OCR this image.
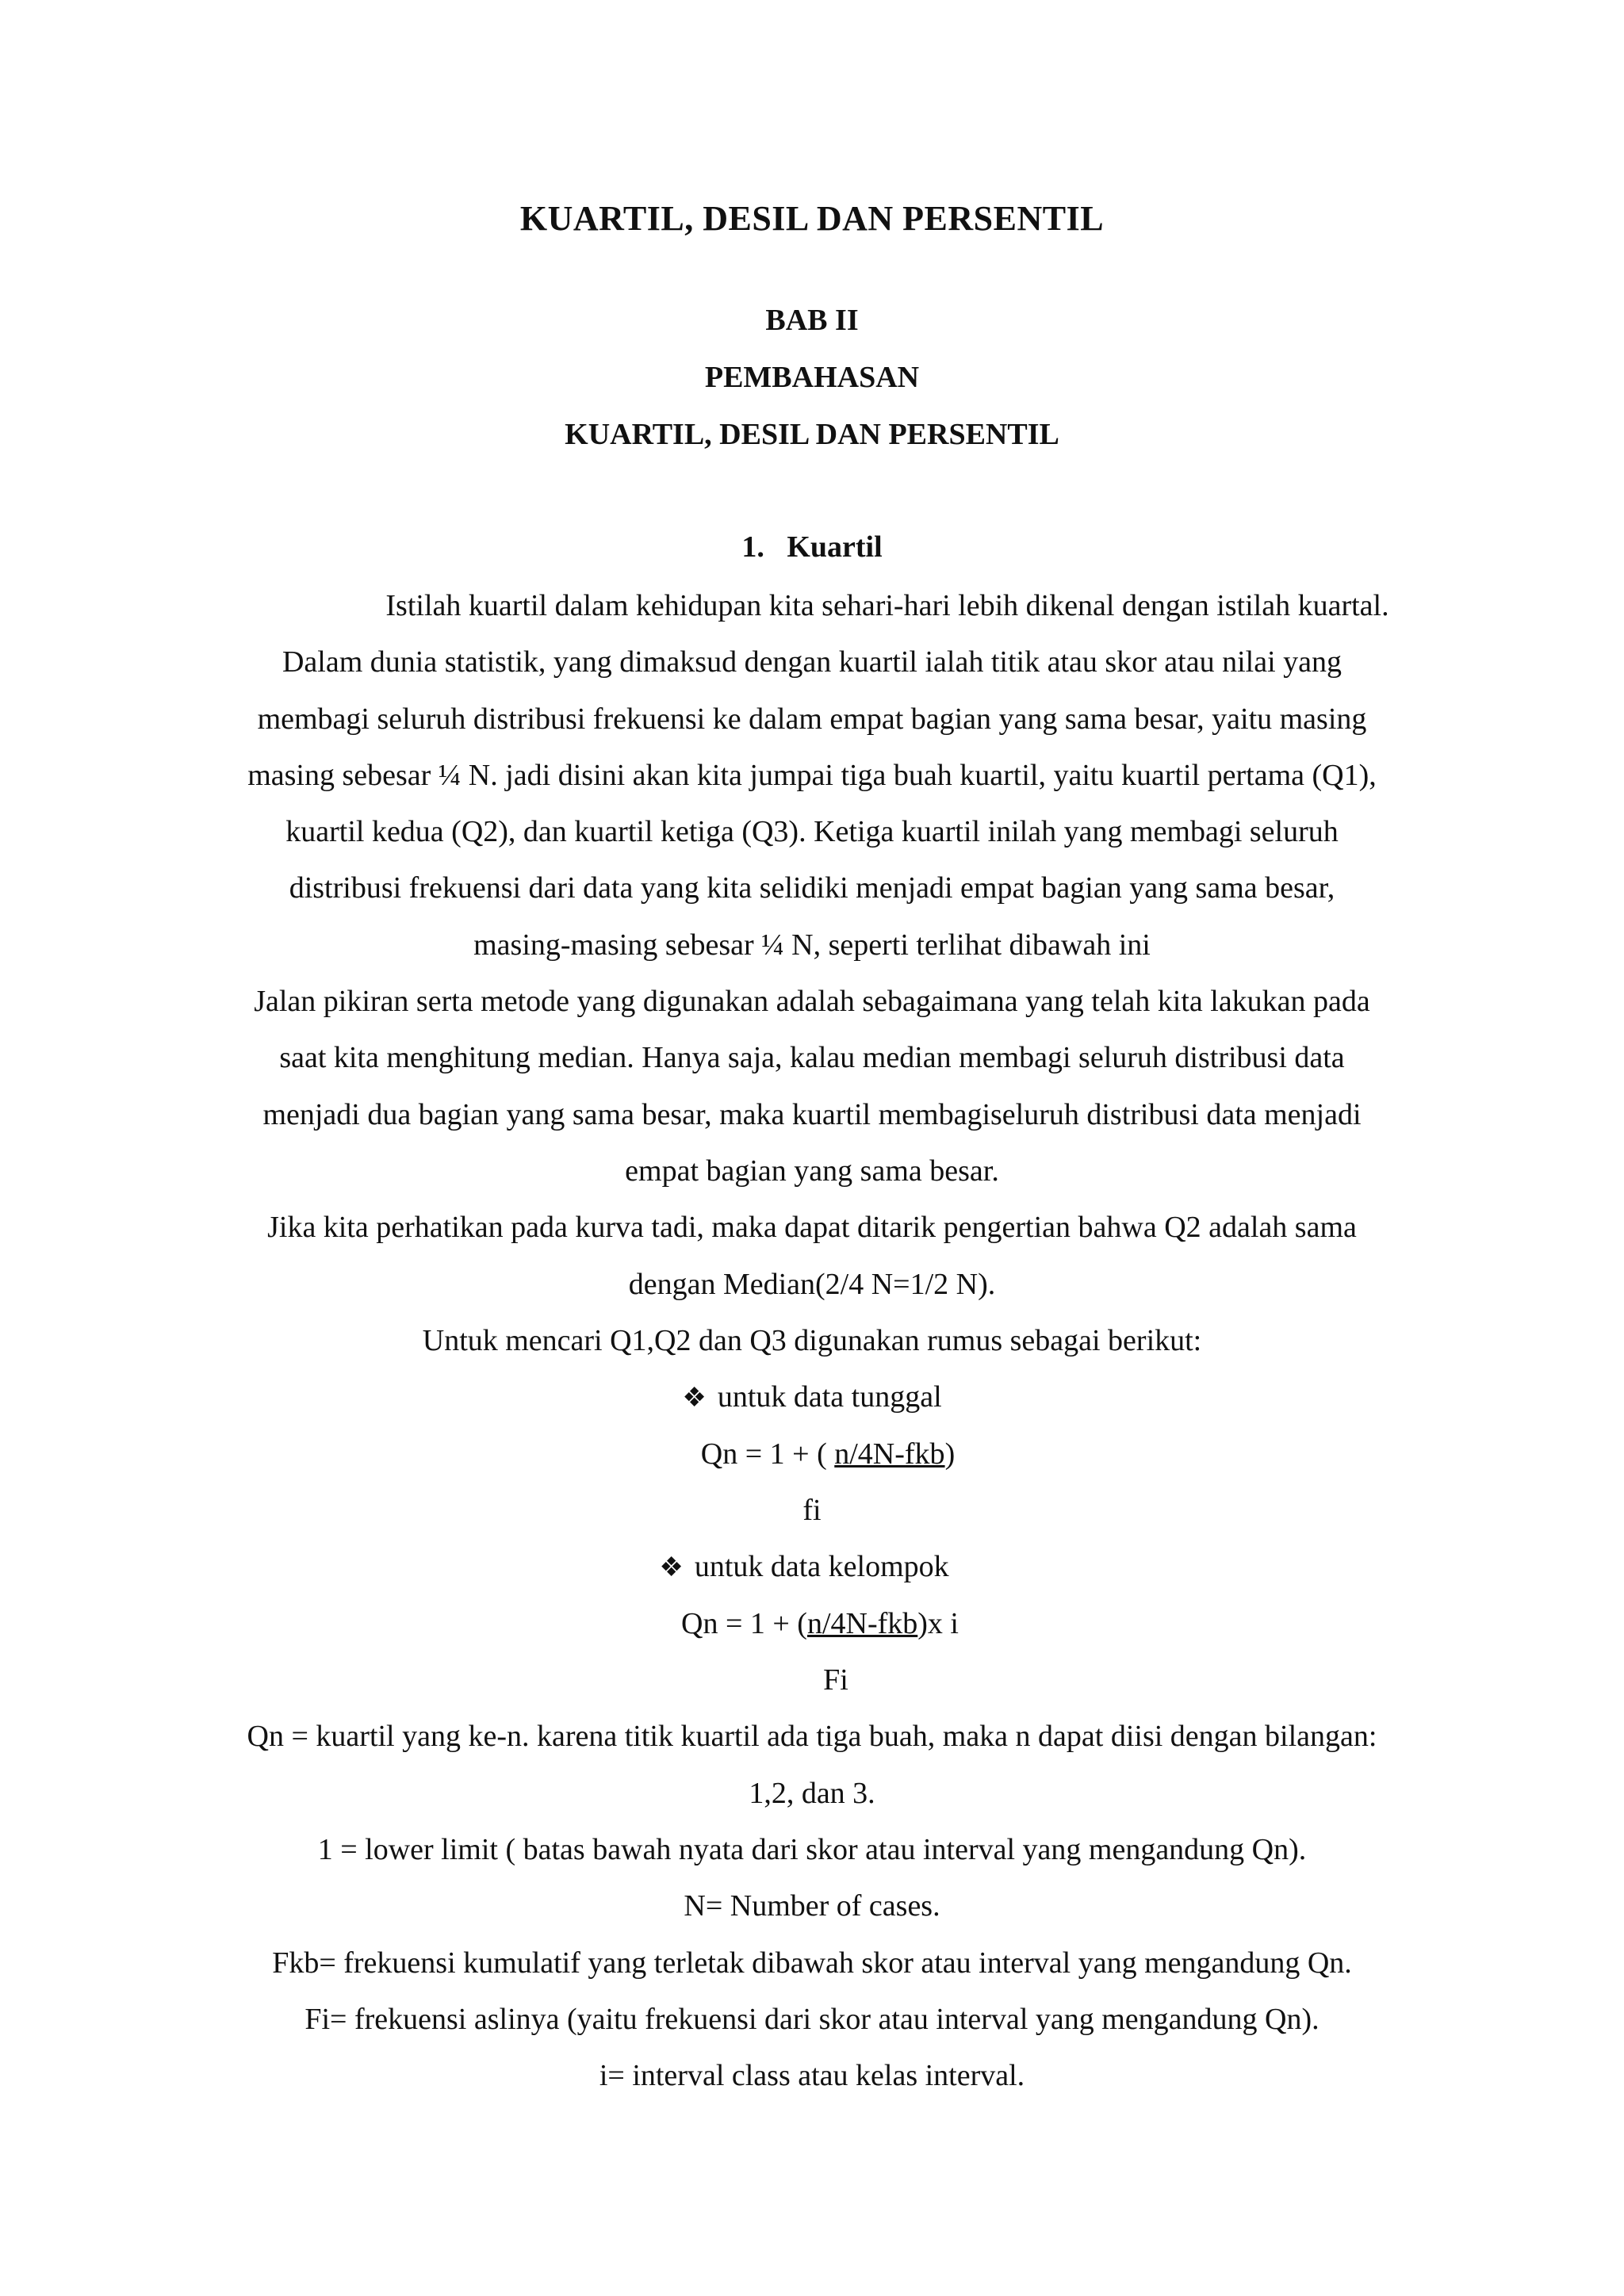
KUARTIL, DESIL DAN PERSENTIL
BAB II
PEMBAHASAN
KUARTIL, DESIL DAN PERSENTIL
1. Kuartil
Istilah kuartil dalam kehidupan kita sehari-hari lebih dikenal dengan istilah kuartal.
Dalam dunia statistik, yang dimaksud dengan kuartil ialah titik atau skor atau nilai yang
membagi seluruh distribusi frekuensi ke dalam empat bagian yang sama besar, yaitu masing
masing sebesar ¼ N. jadi disini akan kita jumpai tiga buah kuartil, yaitu kuartil pertama (Q1),
kuartil kedua (Q2), dan kuartil ketiga (Q3). Ketiga kuartil inilah yang membagi seluruh
distribusi frekuensi dari data yang kita selidiki menjadi empat bagian yang sama besar,
masing-masing sebesar ¼ N, seperti terlihat dibawah ini
Jalan pikiran serta metode yang digunakan adalah sebagaimana yang telah kita lakukan pada
saat kita menghitung median. Hanya saja, kalau median membagi seluruh distribusi data
menjadi dua bagian yang sama besar, maka kuartil membagiseluruh distribusi data menjadi
empat bagian yang sama besar.
Jika kita perhatikan pada kurva tadi, maka dapat ditarik pengertian bahwa Q2 adalah sama
dengan Median(2/4 N=1/2 N).
Untuk mencari Q1,Q2 dan Q3 digunakan rumus sebagai berikut:
❖ untuk data tunggal
Qn = 1 + ( n/4N-fkb)
fi
❖ untuk data kelompok
Qn = 1 + (n/4N-fkb)x i
Fi
Qn = kuartil yang ke-n. karena titik kuartil ada tiga buah, maka n dapat diisi dengan bilangan:
1,2, dan 3.
1 = lower limit ( batas bawah nyata dari skor atau interval yang mengandung Qn).
N= Number of cases.
Fkb= frekuensi kumulatif yang terletak dibawah skor atau interval yang mengandung Qn.
Fi= frekuensi aslinya (yaitu frekuensi dari skor atau interval yang mengandung Qn).
i= interval class atau kelas interval.
